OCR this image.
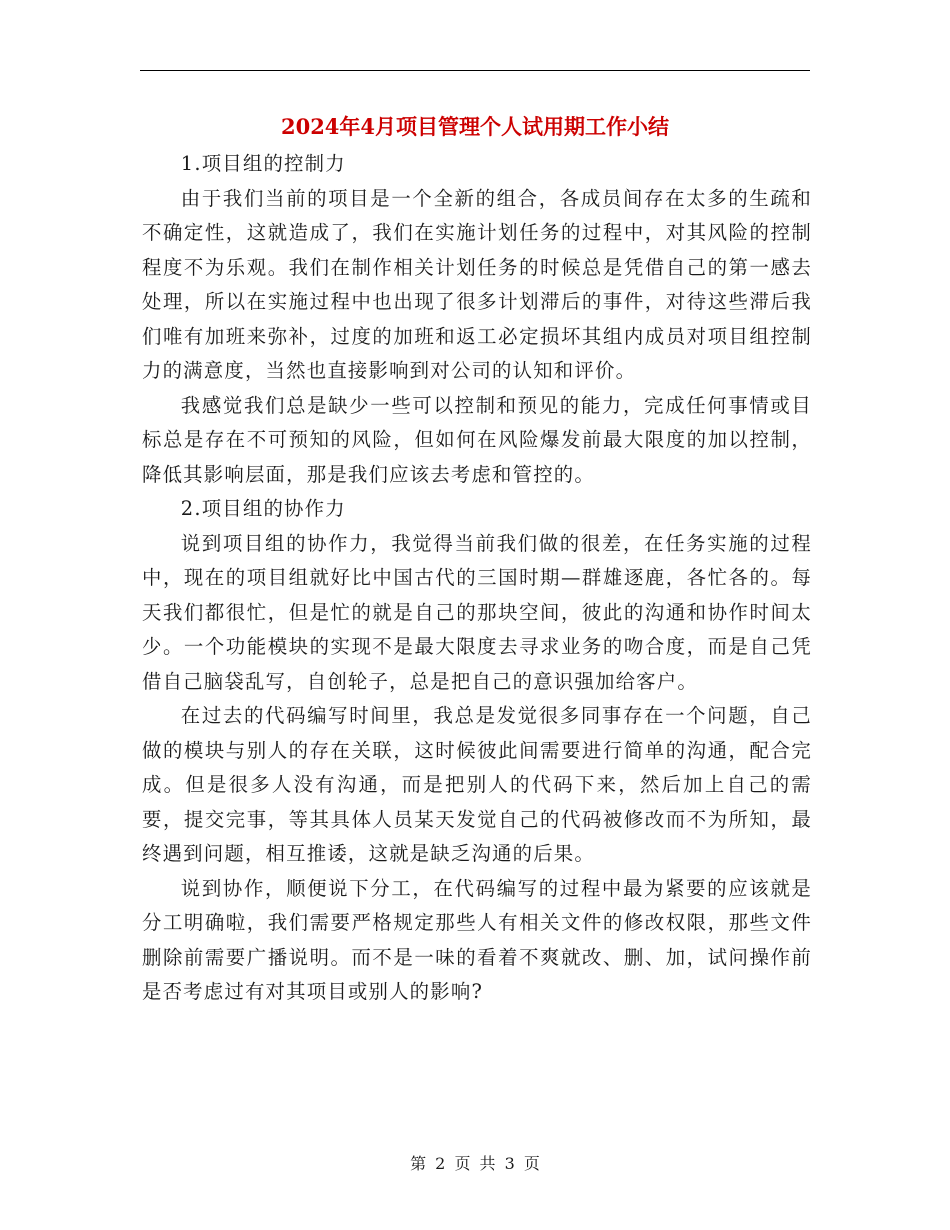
2024年4月项目管理个人试用期工作小结

1.项目组的控制力

由于我们当前的项目是一个全新的组合，各成员间存在太多的生疏和不确定性，这就造成了，我们在实施计划任务的过程中，对其风险的控制程度不为乐观。我们在制作相关计划任务的时候总是凭借自己的第一感去处理，所以在实施过程中也出现了很多计划滞后的事件，对待这些滞后我们唯有加班来弥补，过度的加班和返工必定损坏其组内成员对项目组控制力的满意度，当然也直接影响到对公司的认知和评价。

我感觉我们总是缺少一些可以控制和预见的能力，完成任何事情或目标总是存在不可预知的风险，但如何在风险爆发前最大限度的加以控制，降低其影响层面，那是我们应该去考虑和管控的。

2.项目组的协作力

说到项目组的协作力，我觉得当前我们做的很差，在任务实施的过程中，现在的项目组就好比中国古代的三国时期—群雄逐鹿，各忙各的。每天我们都很忙，但是忙的就是自己的那块空间，彼此的沟通和协作时间太少。一个功能模块的实现不是最大限度去寻求业务的吻合度，而是自己凭借自己脑袋乱写，自创轮子，总是把自己的意识强加给客户。

在过去的代码编写时间里，我总是发觉很多同事存在一个问题，自己做的模块与别人的存在关联，这时候彼此间需要进行简单的沟通，配合完成。但是很多人没有沟通，而是把别人的代码下来，然后加上自己的需要，提交完事，等其具体人员某天发觉自己的代码被修改而不为所知，最终遇到问题，相互推诿，这就是缺乏沟通的后果。

说到协作，顺便说下分工，在代码编写的过程中最为紧要的应该就是分工明确啦，我们需要严格规定那些人有相关文件的修改权限，那些文件删除前需要广播说明。而不是一味的看着不爽就改、删、加，试问操作前是否考虑过有对其项目或别人的影响?

第 2 页 共 3 页
